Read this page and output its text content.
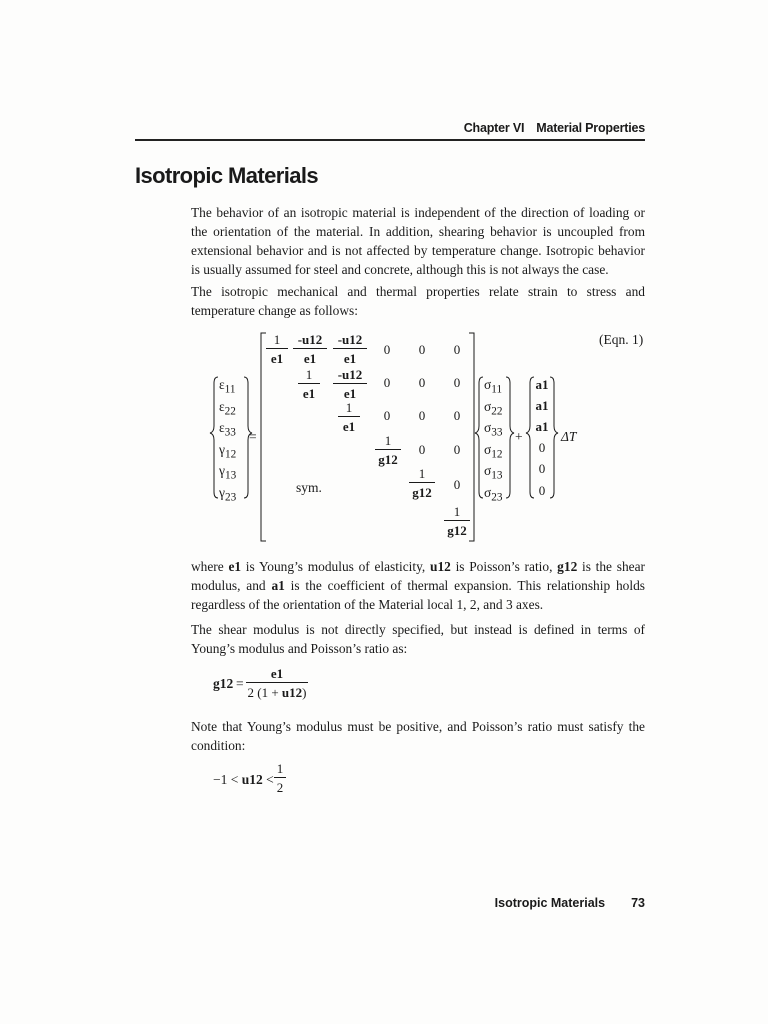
Chapter VI Material Properties
Isotropic Materials

The behavior of an isotropic material is independent of the direction of loading or the orientation of the material. In addition, shearing behavior is uncoupled from extensional behavior and is not affected by temperature change. Isotropic behavior is usually assumed for steel and concrete, although this is not always the case.

The isotropic mechanical and thermal properties relate strain to stress and temperature change as follows:

(Eqn. 1)
$\varepsilon_{11}$
$\varepsilon_{22}$
$\varepsilon_{33}$
$\gamma_{12}$
$\gamma_{13}$
$\gamma_{23}$
=
1
e1
-u12
e1
-u12
e1
0 0 0
1
e1
-u12
e1
0 0 0
1
e1
0 0 0
1
g12
0 0
1
g12
0
1
g12
sym.
$\sigma_{11}$
$\sigma_{22}$
$\sigma_{33}$
$\sigma_{12}$
$\sigma_{13}$
$\sigma_{23}$
+
a1
a1
a1
0
0
0
ΔT

where e1 is Young’s modulus of elasticity, u12 is Poisson’s ratio, g12 is the shear modulus, and a1 is the coefficient of thermal expansion. This relationship holds regardless of the orientation of the Material local 1, 2, and 3 axes.

The shear modulus is not directly specified, but instead is defined in terms of Young’s modulus and Poisson’s ratio as:

g12 =
e1
2 (1 + u12)

Note that Young’s modulus must be positive, and Poisson’s ratio must satisfy the condition:

−1 < u12 <
1
2
Isotropic Materials 73
